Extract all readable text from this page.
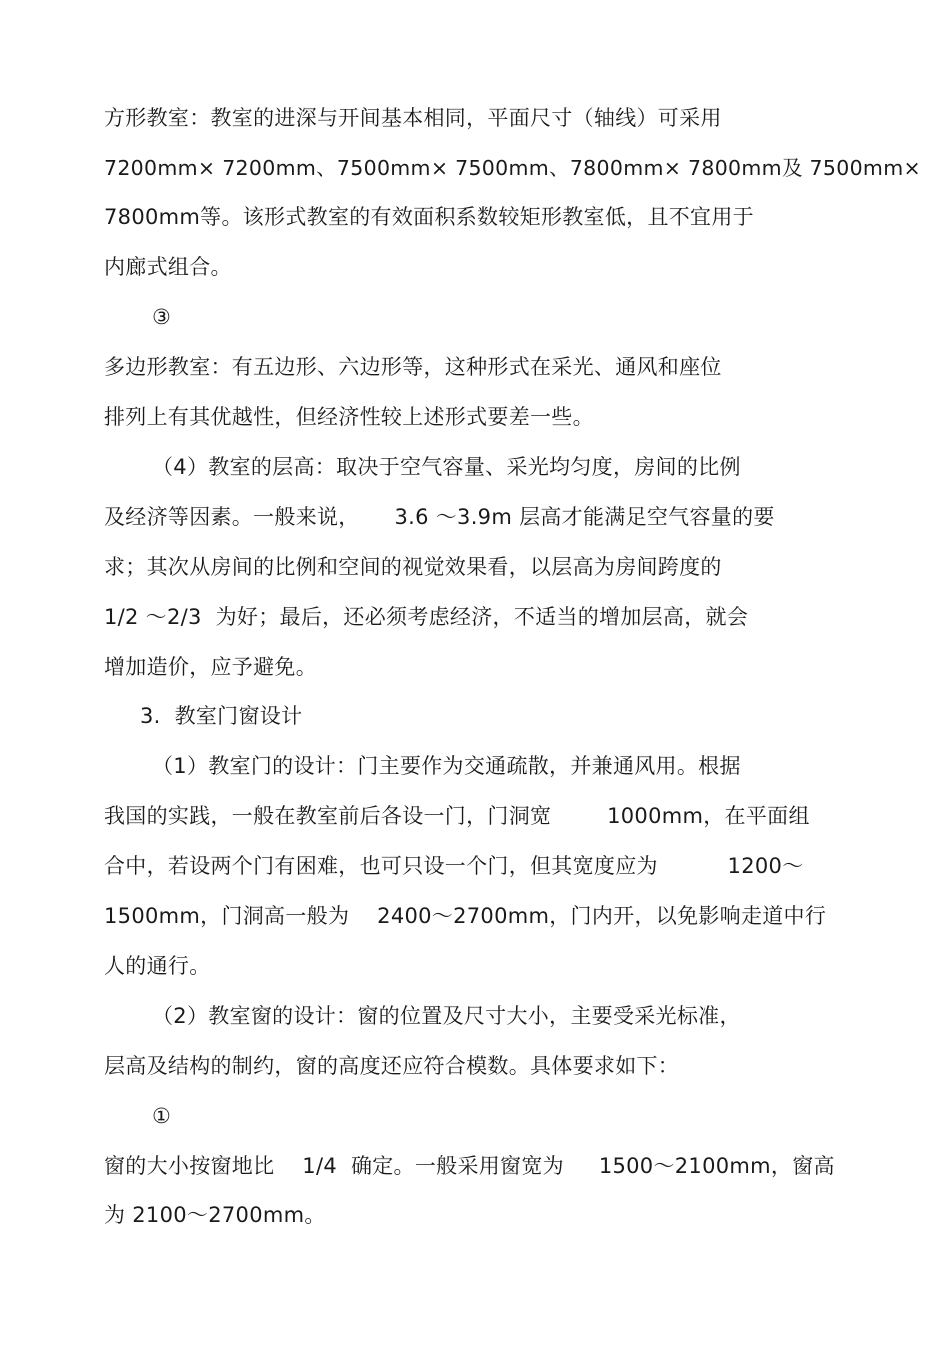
方形教室：教室的进深与开间基本相同，平面尺寸（轴线）可采用
7200mm× 7200mm、7500mm× 7500mm、7800mm× 7800mm及 7500mm×
7800mm等。该形式教室的有效面积系数较矩形教室低，且不宜用于
内廊式组合。
③
多边形教室：有五边形、六边形等，这种形式在采光、通风和座位
排列上有其优越性，但经济性较上述形式要差一些。
（4）教室的层高：取决于空气容量、采光均匀度，房间的比例
及经济等因素。一般来说，     3.6 ～3.9m 层高才能满足空气容量的要
求；其次从房间的比例和空间的视觉效果看，以层高为房间跨度的
1/2 ～2/3  为好；最后，还必须考虑经济，不适当的增加层高，就会
增加造价，应予避免。
3.  教室门窗设计
（1）教室门的设计：门主要作为交通疏散，并兼通风用。根据
我国的实践，一般在教室前后各设一门，门洞宽        1000mm，在平面组
合中，若设两个门有困难，也可只设一个门，但其宽度应为          1200～
1500mm，门洞高一般为    2400～2700mm，门内开，以免影响走道中行
人的通行。
（2）教室窗的设计：窗的位置及尺寸大小，主要受采光标准，
层高及结构的制约，窗的高度还应符合模数。具体要求如下：
①
窗的大小按窗地比    1/4  确定。一般采用窗宽为     1500～2100mm，窗高
为 2100～2700mm。
